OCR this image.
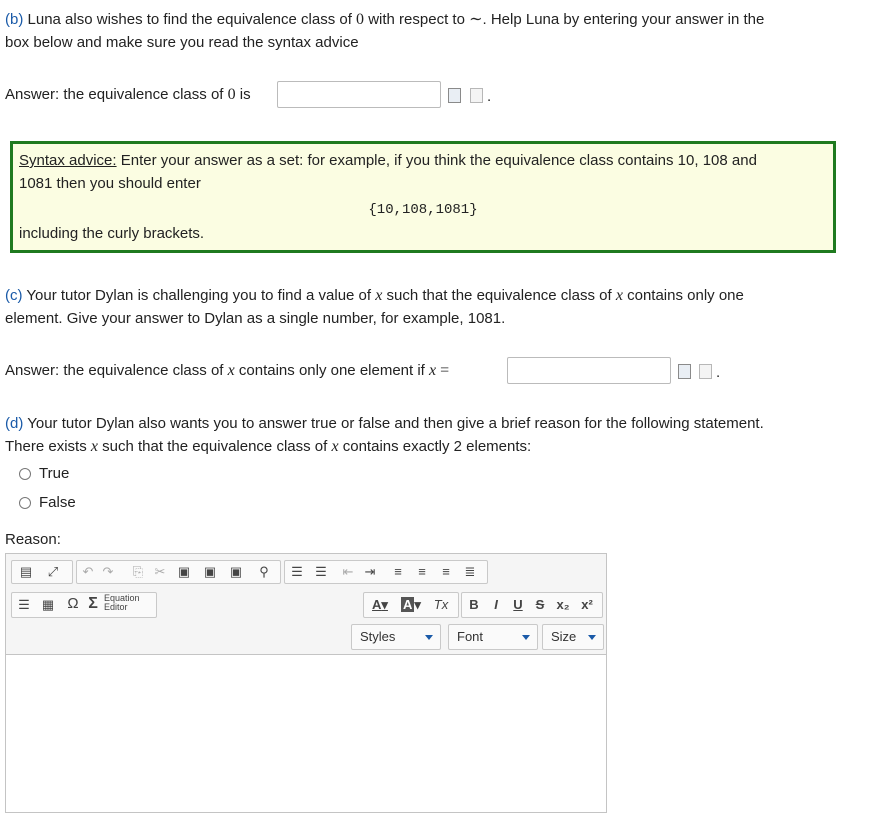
(b) Luna also wishes to find the equivalence class of 0 with respect to ∼. Help Luna by entering your answer in the
box below and make sure you read the syntax advice
Answer: the equivalence class of 0 is	.
Syntax advice: Enter your answer as a set: for example, if you think the equivalence class contains 10, 108 and
1081 then you should enter
{10,108,1081}
including the curly brackets.
(c) Your tutor Dylan is challenging you to find a value of x such that the equivalence class of x contains only one
element. Give your answer to Dylan as a single number, for example, 1081.
Answer: the equivalence class of x contains only one element if x =	.
(d) Your tutor Dylan also wants you to answer true or false and then give a brief reason for the following statement.
There exists x such that the equivalence class of x contains exactly 2 elements:
True
False
Reason:
▤	⤢	↶ ↷	⎘ ✂ ▣ ▣ ▣	⚲	☰ ☰	⇤ ⇥	≡	≡	≡	≣
☰ ▦ Ω Σ Equation
Editor	A▾	A ▾ Tx	B	I	U S x₂ x²
Styles	Font	Size
